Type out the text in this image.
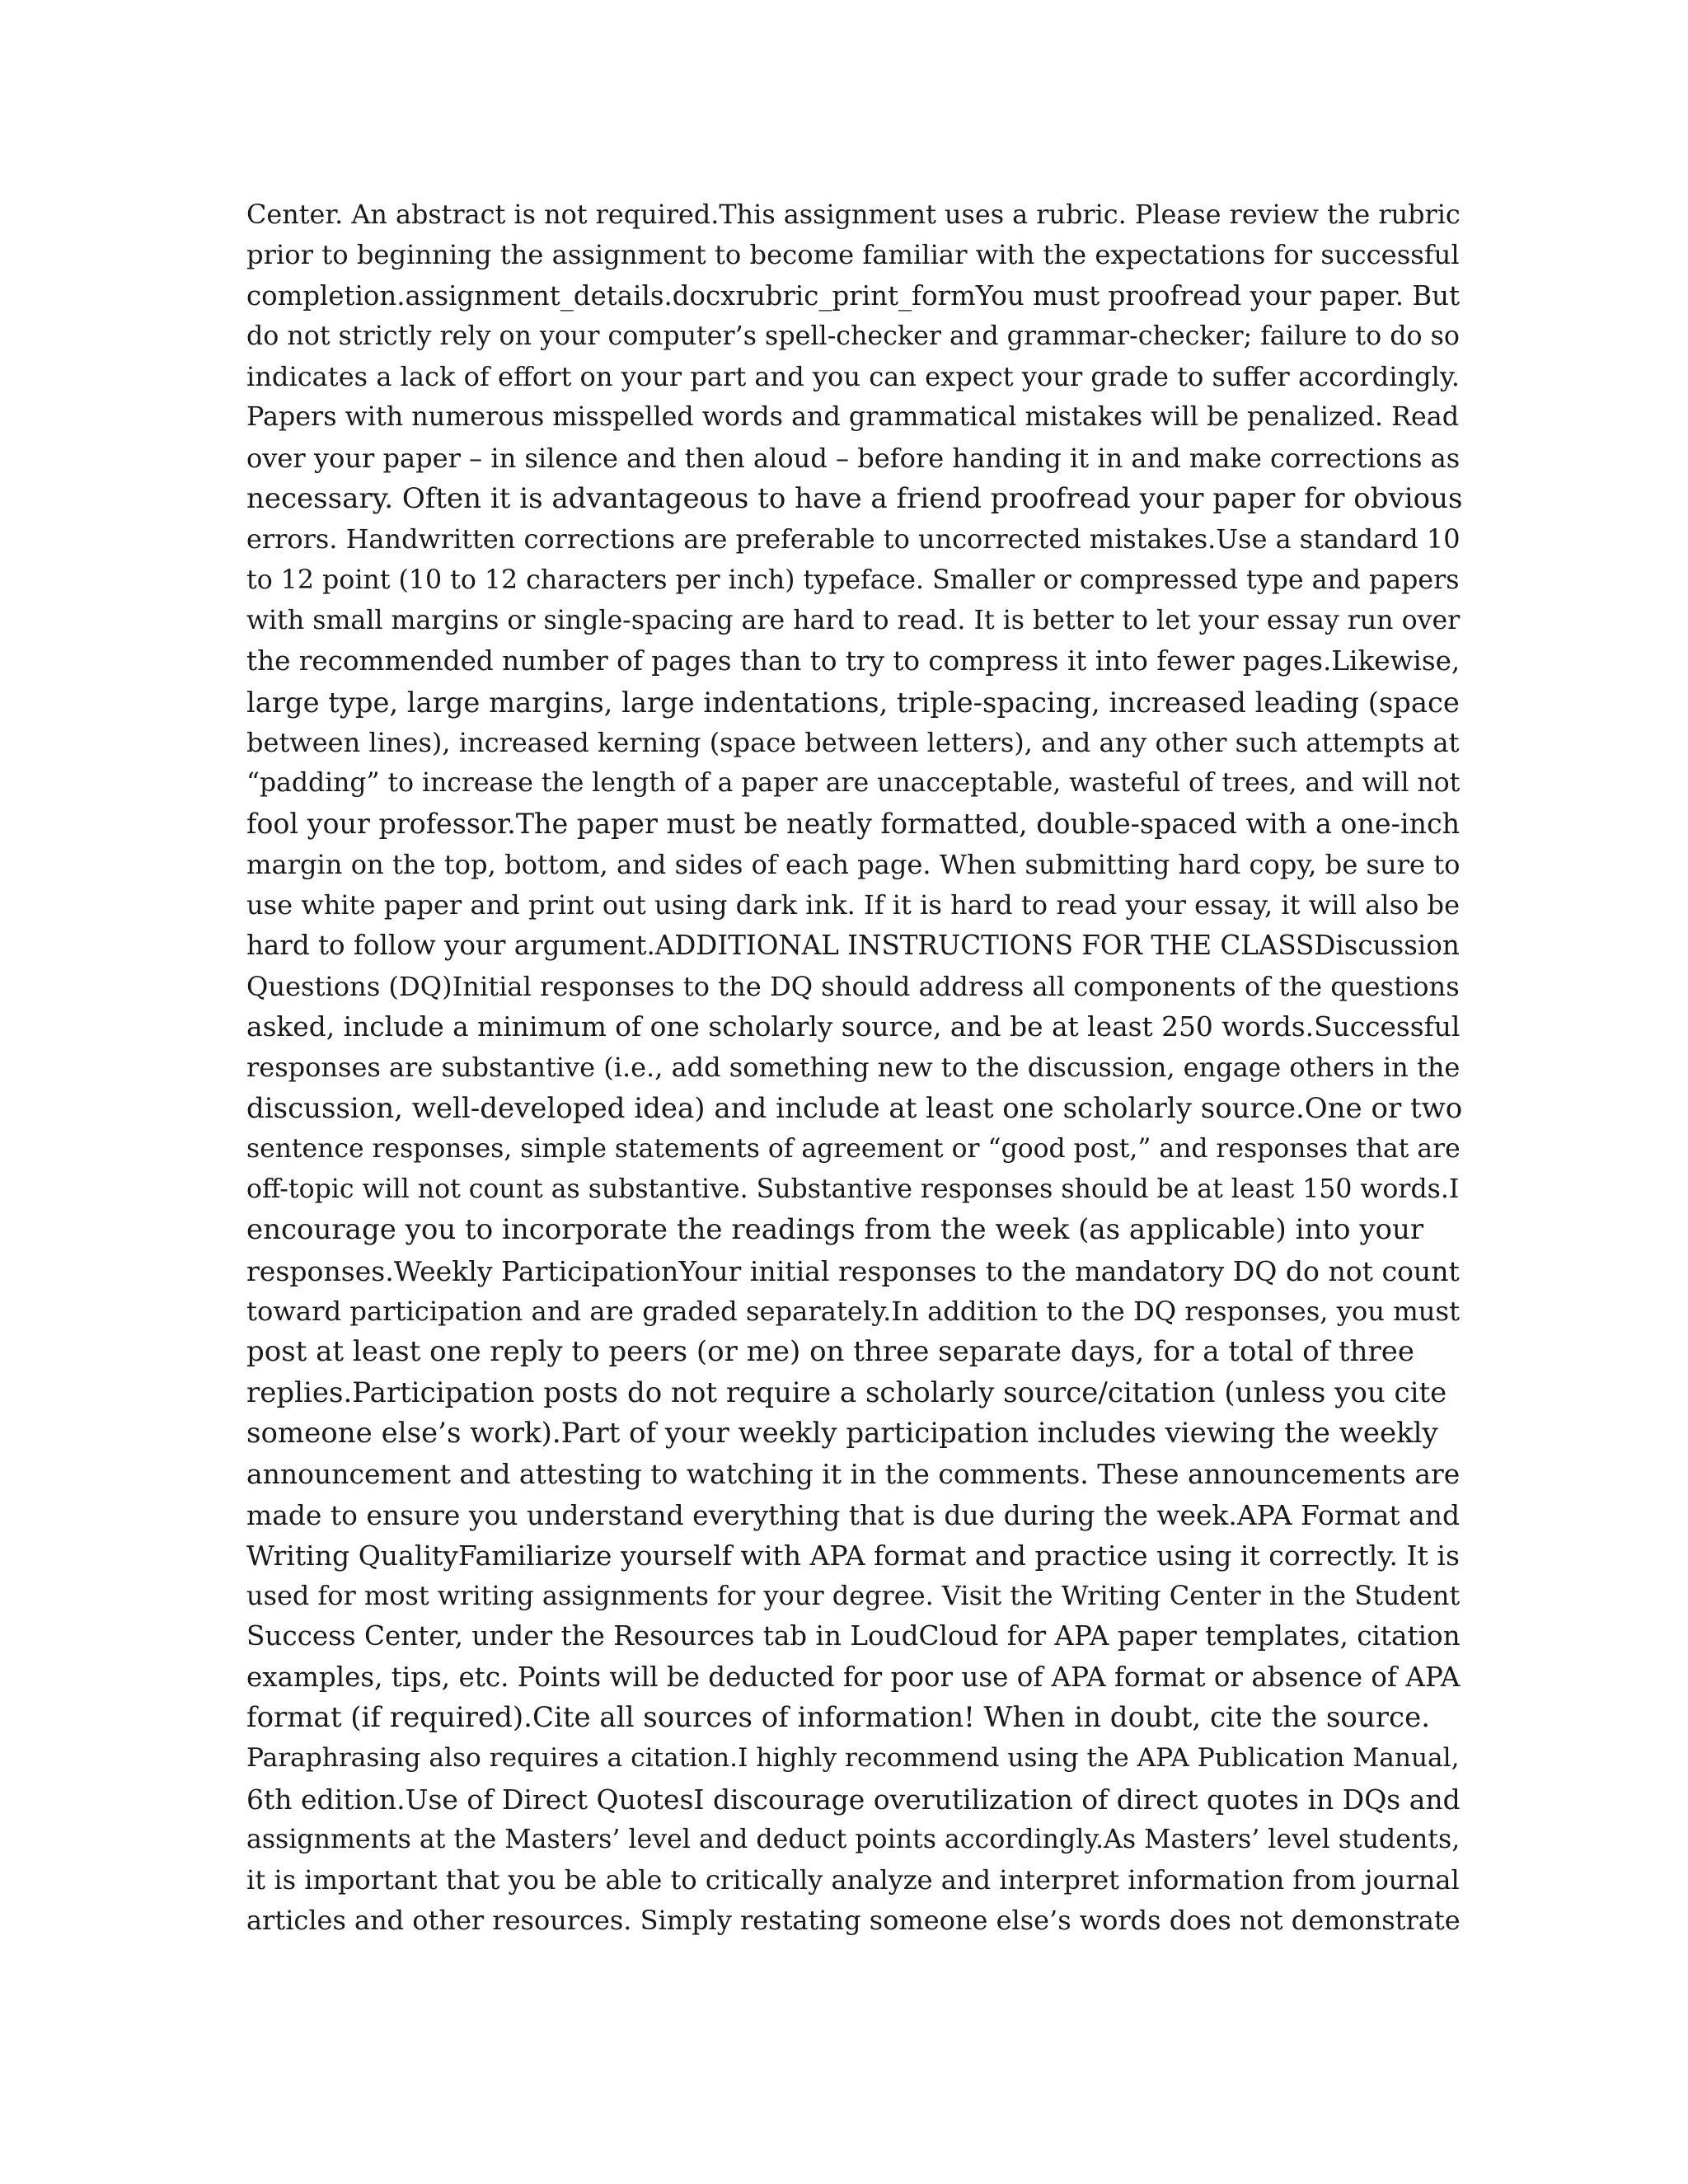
Center. An abstract is not required.This assignment uses a rubric. Please review the rubric
prior to beginning the assignment to become familiar with the expectations for successful
completion.assignment_details.docxrubric_print_formYou must proofread your paper. But
do not strictly rely on your computer’s spell-checker and grammar-checker; failure to do so
indicates a lack of effort on your part and you can expect your grade to suffer accordingly.
Papers with numerous misspelled words and grammatical mistakes will be penalized. Read
over your paper – in silence and then aloud – before handing it in and make corrections as
necessary. Often it is advantageous to have a friend proofread your paper for obvious
errors. Handwritten corrections are preferable to uncorrected mistakes.Use a standard 10
to 12 point (10 to 12 characters per inch) typeface. Smaller or compressed type and papers
with small margins or single-spacing are hard to read. It is better to let your essay run over
the recommended number of pages than to try to compress it into fewer pages.Likewise,
large type, large margins, large indentations, triple-spacing, increased leading (space
between lines), increased kerning (space between letters), and any other such attempts at
“padding” to increase the length of a paper are unacceptable, wasteful of trees, and will not
fool your professor.The paper must be neatly formatted, double-spaced with a one-inch
margin on the top, bottom, and sides of each page. When submitting hard copy, be sure to
use white paper and print out using dark ink. If it is hard to read your essay, it will also be
hard to follow your argument.ADDITIONAL INSTRUCTIONS FOR THE CLASSDiscussion
Questions (DQ)Initial responses to the DQ should address all components of the questions
asked, include a minimum of one scholarly source, and be at least 250 words.Successful
responses are substantive (i.e., add something new to the discussion, engage others in the
discussion, well-developed idea) and include at least one scholarly source.One or two
sentence responses, simple statements of agreement or “good post,” and responses that are
off-topic will not count as substantive. Substantive responses should be at least 150 words.I
encourage you to incorporate the readings from the week (as applicable) into your
responses.Weekly ParticipationYour initial responses to the mandatory DQ do not count
toward participation and are graded separately.In addition to the DQ responses, you must
post at least one reply to peers (or me) on three separate days, for a total of three
replies.Participation posts do not require a scholarly source/citation (unless you cite
someone else’s work).Part of your weekly participation includes viewing the weekly
announcement and attesting to watching it in the comments. These announcements are
made to ensure you understand everything that is due during the week.APA Format and
Writing QualityFamiliarize yourself with APA format and practice using it correctly. It is
used for most writing assignments for your degree. Visit the Writing Center in the Student
Success Center, under the Resources tab in LoudCloud for APA paper templates, citation
examples, tips, etc. Points will be deducted for poor use of APA format or absence of APA
format (if required).Cite all sources of information! When in doubt, cite the source.
Paraphrasing also requires a citation.I highly recommend using the APA Publication Manual,
6th edition.Use of Direct QuotesI discourage overutilization of direct quotes in DQs and
assignments at the Masters’ level and deduct points accordingly.As Masters’ level students,
it is important that you be able to critically analyze and interpret information from journal
articles and other resources. Simply restating someone else’s words does not demonstrate
